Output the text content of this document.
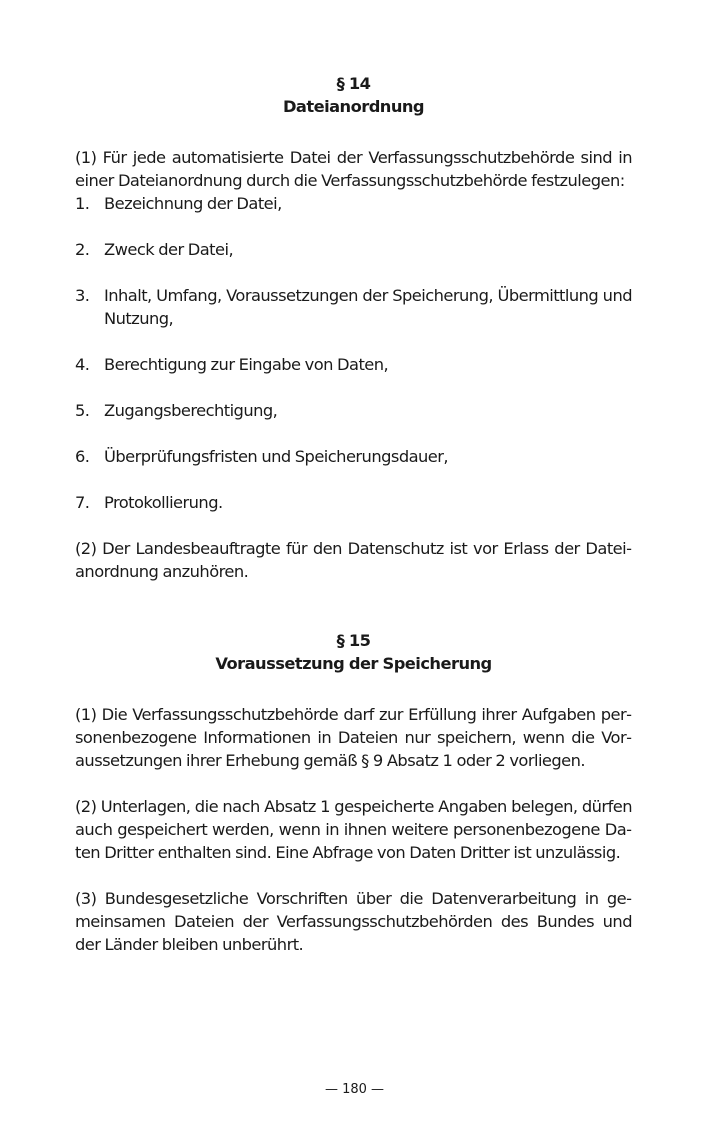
§ 14
Dateianordnung

(1) Für jede automatisierte Datei der Verfassungsschutzbehörde sind in einer Dateianordnung durch die Verfassungsschutzbehörde festzulegen:

1. Bezeichnung der Datei,
2. Zweck der Datei,
3. Inhalt, Umfang, Voraussetzungen der Speicherung, Übermittlung und Nutzung,
4. Berechtigung zur Eingabe von Daten,
5. Zugangsberechtigung,
6. Überprüfungsfristen und Speicherungsdauer,
7. Protokollierung.

(2) Der Landesbeauftragte für den Datenschutz ist vor Erlass der Dateianordnung anzuhören.

§ 15
Voraussetzung der Speicherung

(1) Die Verfassungsschutzbehörde darf zur Erfüllung ihrer Aufgaben personenbezogene Informationen in Dateien nur speichern, wenn die Voraussetzungen ihrer Erhebung gemäß § 9 Absatz 1 oder 2 vorliegen.

(2) Unterlagen, die nach Absatz 1 gespeicherte Angaben belegen, dürfen auch gespeichert werden, wenn in ihnen weitere personenbezogene Daten Dritter enthalten sind. Eine Abfrage von Daten Dritter ist unzulässig.

(3) Bundesgesetzliche Vorschriften über die Datenverarbeitung in gemeinsamen Dateien der Verfassungsschutzbehörden des Bundes und der Länder bleiben unberührt.

— 180 —
